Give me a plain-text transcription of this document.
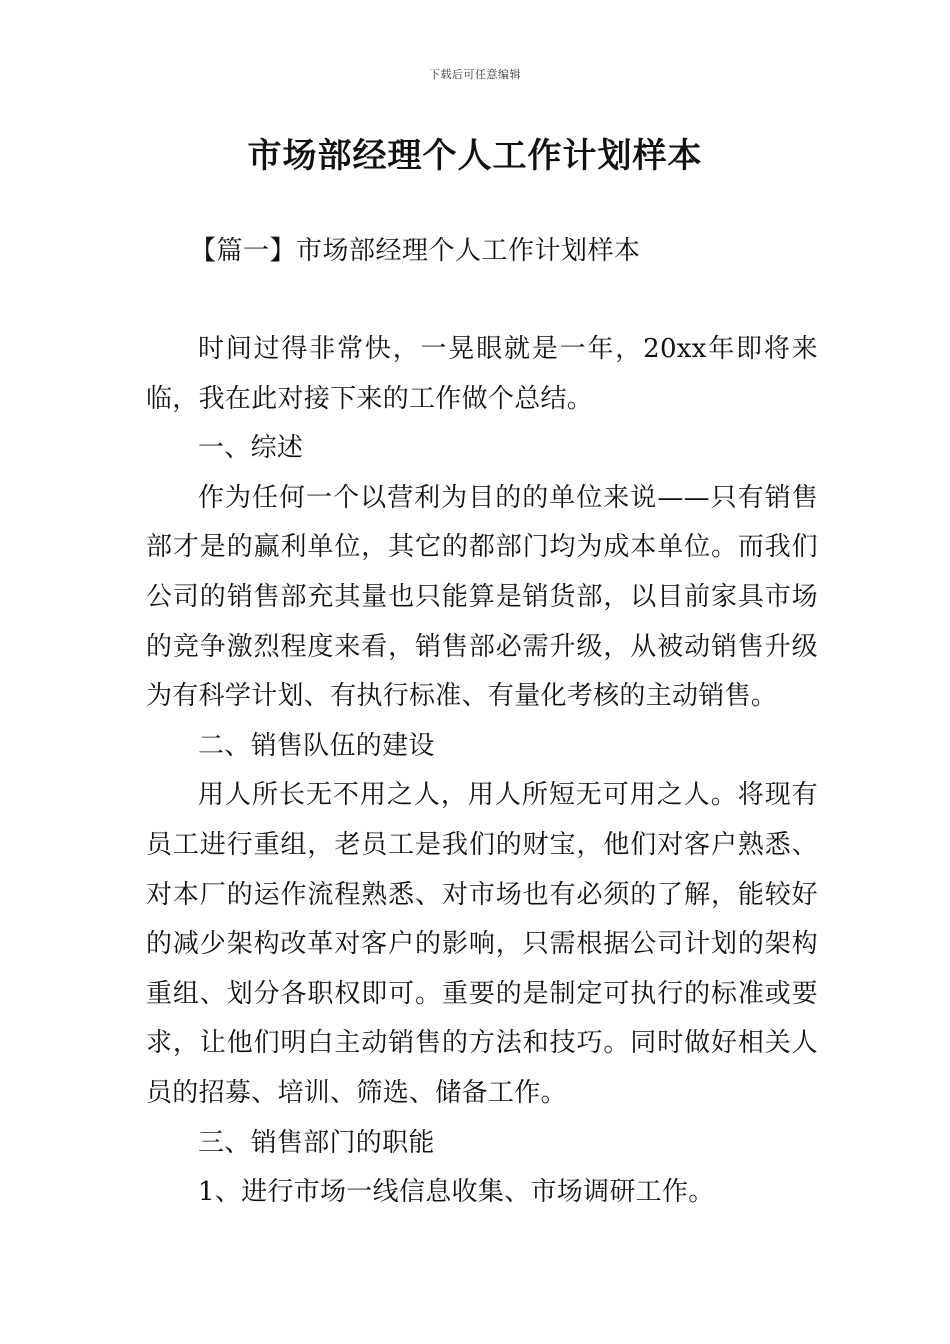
下载后可任意编辑
市场部经理个人工作计划样本
【篇一】市场部经理个人工作计划样本

时间过得非常快，一晃眼就是一年，20xx年即将来临，我在此对接下来的工作做个总结。

一、综述

作为任何一个以营利为目的的单位来说——只有销售部才是的赢利单位，其它的都部门均为成本单位。而我们公司的销售部充其量也只能算是销货部，以目前家具市场的竞争激烈程度来看，销售部必需升级，从被动销售升级为有科学计划、有执行标准、有量化考核的主动销售。

二、销售队伍的建设

用人所长无不用之人，用人所短无可用之人。将现有员工进行重组，老员工是我们的财宝，他们对客户熟悉、对本厂的运作流程熟悉、对市场也有必须的了解，能较好的减少架构改革对客户的影响，只需根据公司计划的架构重组、划分各职权即可。重要的是制定可执行的标准或要求，让他们明白主动销售的方法和技巧。同时做好相关人员的招募、培训、筛选、储备工作。

三、销售部门的职能

1、进行市场一线信息收集、市场调研工作。
